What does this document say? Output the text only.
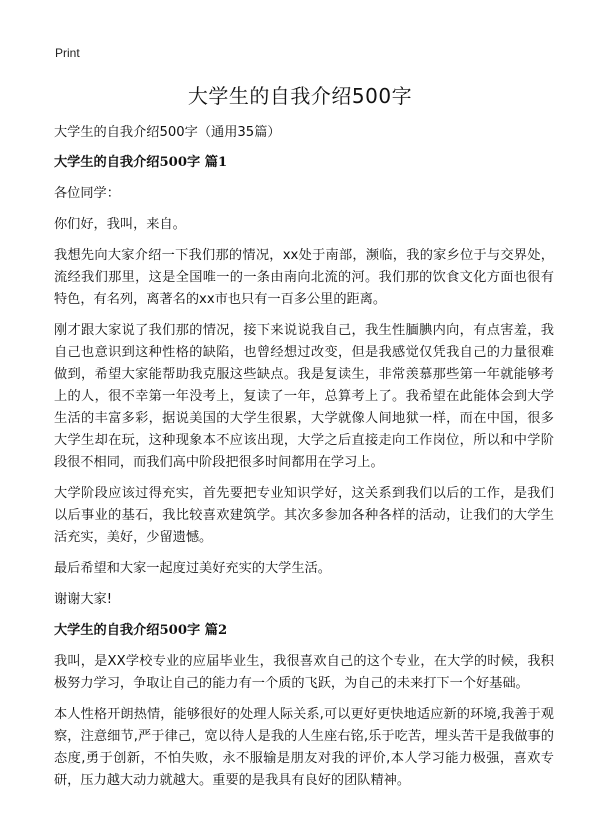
Print
大学生的自我介绍500字

大学生的自我介绍500字（通用35篇）

大学生的自我介绍500字 篇1

各位同学：

你们好，我叫，来自。

我想先向大家介绍一下我们那的情况，xx处于南部，濒临，我的家乡位于与交界处，流经我们那里，这是全国唯一的一条由南向北流的河。我们那的饮食文化方面也很有特色，有名列，离著名的xx市也只有一百多公里的距离。

刚才跟大家说了我们那的情况，接下来说说我自己，我生性腼腆内向，有点害羞，我自己也意识到这种性格的缺陷，也曾经想过改变，但是我感觉仅凭我自己的力量很难做到，希望大家能帮助我克服这些缺点。我是复读生，非常羡慕那些第一年就能够考上的人，很不幸第一年没考上，复读了一年，总算考上了。我希望在此能体会到大学生活的丰富多彩，据说美国的大学生很累，大学就像人间地狱一样，而在中国，很多大学生却在玩，这种现象本不应该出现，大学之后直接走向工作岗位，所以和中学阶段很不相同，而我们高中阶段把很多时间都用在学习上。

大学阶段应该过得充实，首先要把专业知识学好，这关系到我们以后的工作，是我们以后事业的基石，我比较喜欢建筑学。其次多参加各种各样的活动，让我们的大学生活充实，美好，少留遗憾。

最后希望和大家一起度过美好充实的大学生活。

谢谢大家!

大学生的自我介绍500字 篇2

我叫，是XX学校专业的应届毕业生，我很喜欢自己的这个专业，在大学的时候，我积极努力学习，争取让自己的能力有一个质的飞跃，为自己的未来打下一个好基础。

本人性格开朗热情，能够很好的处理人际关系,可以更好更快地适应新的环境,我善于观察，注意细节,严于律己，宽以待人是我的人生座右铭,乐于吃苦，埋头苦干是我做事的态度,勇于创新，不怕失败，永不服输是朋友对我的评价,本人学习能力极强，喜欢专研，压力越大动力就越大。重要的是我具有良好的团队精神。
